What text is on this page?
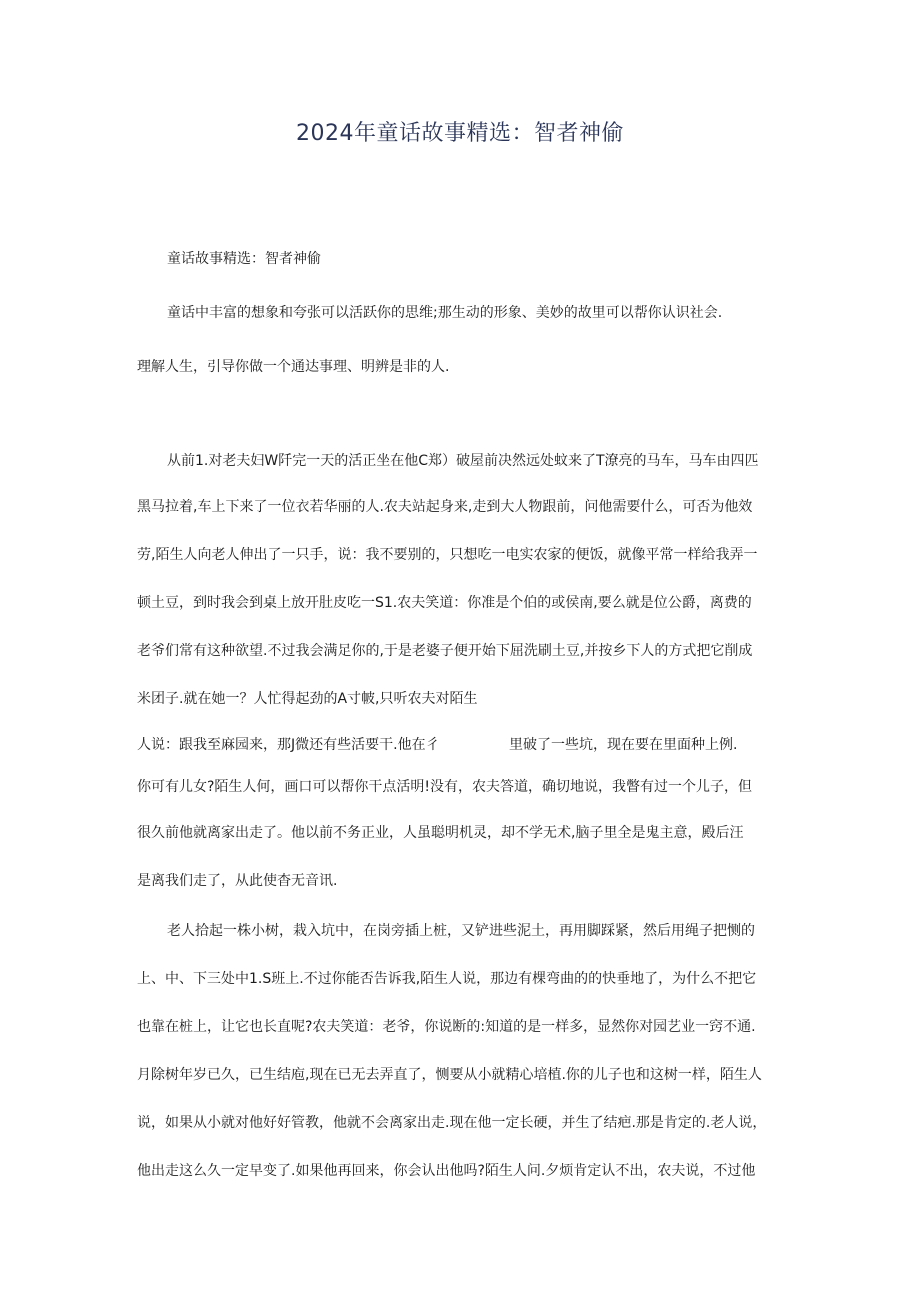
2024年童话故事精选：智者神偷
童话故事精选：智者神偷
童话中丰富的想象和夸张可以活跃你的思维;那生动的形象、美妙的故里可以帮你认识社会.
理解人生，引导你做一个通达事理、明辨是非的人.
从前1.对老夫妇W阡完一天的活正坐在他C郑）破屋前决然远处蚊来了T潦亮的马车，马车由四匹
黑马拉着,车上下来了一位衣若华丽的人.农夫站起身来,走到大人物跟前，问他需要什么，可否为他效
劳,陌生人向老人伸出了一只手，说：我不要别的，只想吃一电实农家的便饭，就像平常一样给我弄一
顿土豆，到时我会到桌上放开肚皮吃一S1.农夫笑道：你准是个伯的或侯南,要么就是位公爵，离费的
老爷们常有这种欲望.不过我会满足你的,于是老婆子便开始下屈洗刷土豆,并按乡下人的方式把它削成
米团子.就在她一？人忙得起劲的A寸帔,只听农夫对陌生
人说：跟我至麻园来，那J微还有些活要干.他在彳	里破了一些坑，现在要在里面种上例.
你可有儿女?陌生人何，画口可以帮你干点活明!没有，农夫答道，确切地说，我瞥有过一个儿子，但
很久前他就离家出走了。他以前不务正业，人虽聪明机灵，却不学无术,脑子里全是鬼主意，殿后汪
是离我们走了，从此使杳无音讯.
老人拾起一株小树，栽入坑中，在岗旁插上桩，又铲进些泥土，再用脚踩紧，然后用绳子把恻的
上、中、下三处中1.S班上.不过你能否告诉我,陌生人说，那边有棵弯曲的的快垂地了，为什么不把它
也靠在桩上，让它也长直呢?农夫笑道：老爷，你说断的:知道的是一样多，显然你对园艺业一窍不通.
月除树年岁已久，已生结庖,现在已无去弄直了，恻要从小就精心培植.你的儿子也和这树一样，陌生人
说，如果从小就对他好好管教，他就不会离家出走.现在他一定长硬，并生了结疤.那是肯定的.老人说，
他出走这么久一定早变了.如果他再回来，你会认出他吗?陌生人问.夕烦肯定认不出，农夫说，不过他
